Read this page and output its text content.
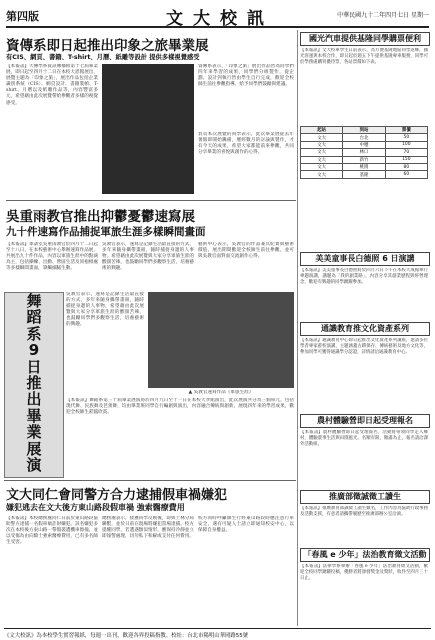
第四版	文大校訊	中華民國九十二年四月七日 星期一
資傳系即日起推出印象之旅畢業展
有CIS、網頁、書籍、T-shirt、月曆、紙雕等設計 提供多樣視覺感受
【本報訊】大傳學系資訊傳播組第十七屆畢業展，即日起至四月十二日在本校大恩館展出，展覽主題為「印象之旅」，展出作品包括企業識別系統（CIS）、網頁設計、書籍裝幀、T-shirt、月曆以及紙雕作品等，內容豐富多元，希望藉由此次展覽帶給參觀者多樣的視覺感受。
資傳系表示，「印象之旅」展出作品皆為同學們四年來學習的成果，同學們分組製作，從企劃、設計到執行皆由學生自行完成，歡迎全校師生前往參觀指導，給予同學們鼓勵與建議。
負責本次展覽的同學表示，此次畢業展從去年暑假即開始籌備，歷經數月的討論與製作，才有今天的成果，希望大家都能前來參觀，共同分享畢業的喜悅與創作的心得。
吳重雨教官推出抑鬱憂鬱速寫展
九十件速寫作品捕捉軍旅生涯多樣瞬間畫面
【本報訊】軍訓室吳重雨教官於四月十二日起至十八日，在本校藝術中心舉辦速寫作品展，共展出九十件作品，內容以軍旅生涯中的點滴為主，包括操練、出勤、營區生活及同袍相處等多樣瞬間畫面，筆觸細膩生動。
吳教官表示，速寫是記錄生活最直接的方式，多年來隨身攜帶畫冊，隨時捕捉身邊的人事物，希望藉由此次展覽與大家分享軍旅生涯的酸甜苦辣，也鼓勵同學們多觀察生活，培養藝術的興趣。
藝術中心表示，吳教官的作品兼具紀實與藝術價值，展出期間歡迎全校師生前往參觀，並可與吳教官面對面交流創作心得。
吳教官表示，速寫是記錄生活最直接的方式，多年來隨身攜帶畫冊，隨時捕捉身邊的人事物，希望藉由此次展覽與大家分享軍旅生涯的酸甜苦辣，也鼓勵同學們多觀察生活，培養藝術的興趣。
▲ 吳教官速寫作品《軍旅生涯》
舞
蹈
系
9
日
推
出
畢
業
展
演
【本報訊】舞蹈系第三十屆畢業展演將於四月九日至十一日在本校大孝館演出，此次展演共分為三個單元，包括現代舞、民族舞及芭蕾舞，均由畢業班同學自行編創與演出，內容融合傳統與創新，展現四年來的學習成果，歡迎全校師生蒞臨欣賞。
文大同仁會同警方合力逮捕假車禍嫌犯
嫌犯逃去在文大後方東山路段假車禍 強索醫療費用
【本報訊】本校總務處同仁日前於東山路段協助警方逮捕一名假車禍詐財嫌犯。該名嫌犯多次在本校後方東山路一帶假裝遭機車擦撞，並以受傷為由向騎士強索醫療費用，已有多名師生受害。
總務處表示，接獲同學反映後，即與士林分局聯繫，並於日前在現場將嫌犯當場逮捕。校方提醒同學，若遭遇類似情形，應保持冷靜並立即報警處理，切勿私下和解或支付任何費用。
校方同時呼籲師生行經東山路段時應注意行車安全，遇有可疑人士請立即通知校安中心，以保障自身權益。
國光汽車提供基隆同學購票便利
【本報訊】文大校車學生日前表示，為方便基隆地區同學返鄉，國光客運與本校合作，即日起於週五下午提供基隆專車服務，同學可於學務處購買優待票，各站票價如下表。
起站	到站	票價
文大	台北	50
文大	中壢	100
文大	林口	70
文大	新竹	150
文大	桃園	80
文大	基隆	60
美美童事長白德照 6 日演講
【本報訊】美美童事長白德照將於四月六日下午在本校大成館舉行專題演講，講題為「我的創業路」，內容分享其創業歷程與經營理念，歡迎有興趣的同學踴躍參加。
通識教育推文化資產系列
【本報訊】通識教育中心即日起推出文化資產系列講座，邀請多位學者專家蒞校演講，主題涵蓋古蹟保存、傳統藝術及地方文化等，參加同學可獲得通識學分認證，詳情請洽通識教育中心。
農村體驗營即日起受理報名
【本報訊】農村體驗營即日起受理報名，活動將帶領同學走入鄉村，體驗農事生活與田園風光，名額有限，額滿為止，報名請洽課外活動組。
推廣部徵誠徵工讀生
【本報訊】推廣教育部誠徵工讀生數名，工作內容為協助行政事務及活動支援，有意者請攜帶履歷至推廣部辦公室洽詢。
「春風 e 少年」法治教育徵文活動
【本報訊】法律學系舉辦「春風 e 少年」法治教育徵文活動，歡迎全校同學踴躍投稿，優勝者將頒發獎金及獎狀，收件至四月三十日止。
《文大校訊》為本校學生實習報紙，每週一出刊，歡迎各界投稿指教。校址：台北市陽明山華岡路55號
